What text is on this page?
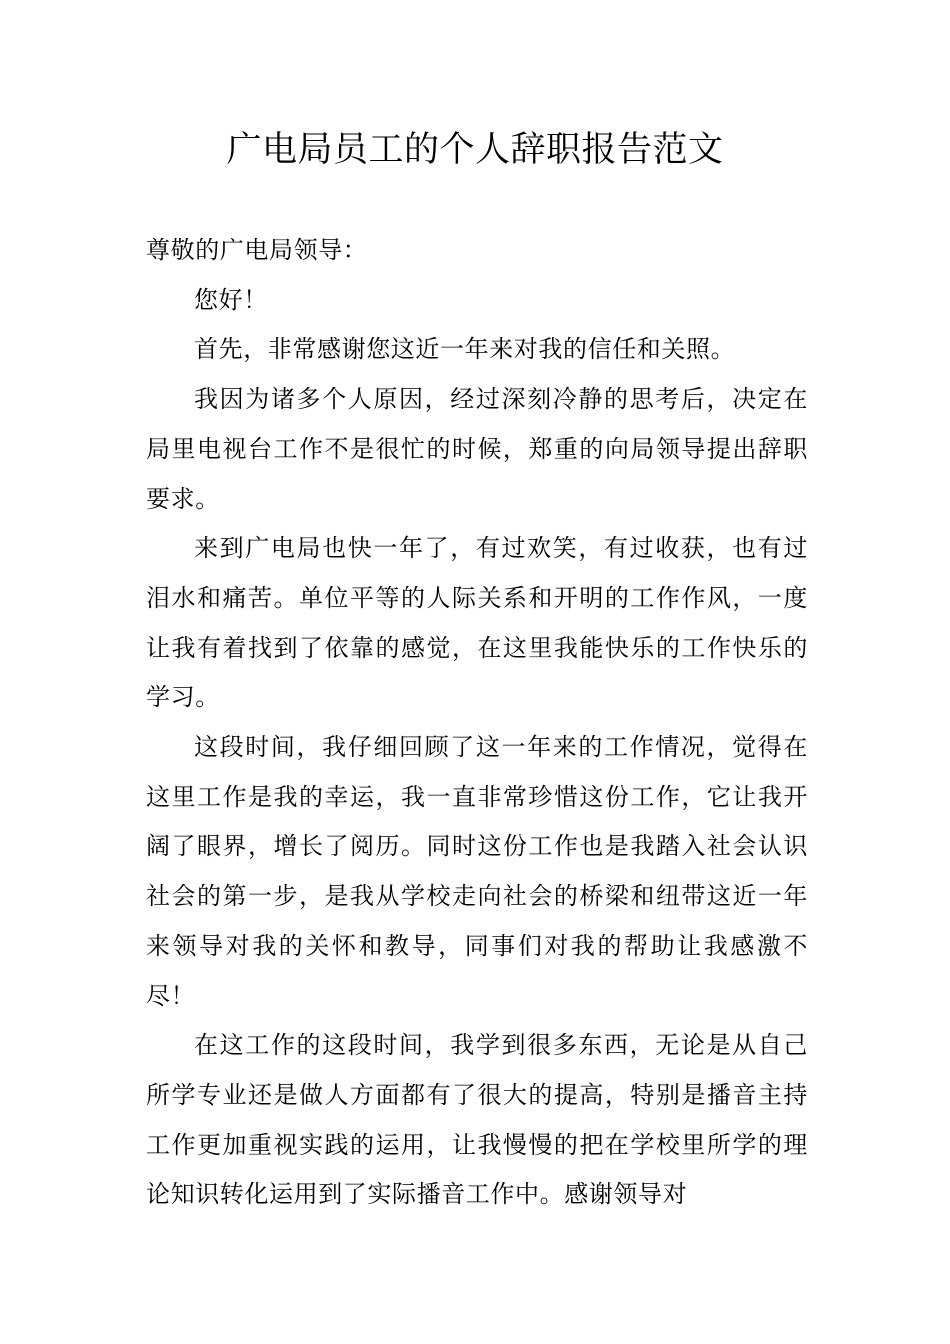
广电局员工的个人辞职报告范文

尊敬的广电局领导：

您好！

首先，非常感谢您这近一年来对我的信任和关照。

我因为诸多个人原因，经过深刻冷静的思考后，决定在局里电视台工作不是很忙的时候，郑重的向局领导提出辞职要求。

来到广电局也快一年了，有过欢笑，有过收获，也有过泪水和痛苦。单位平等的人际关系和开明的工作作风，一度让我有着找到了依靠的感觉，在这里我能快乐的工作快乐的学习。

这段时间，我仔细回顾了这一年来的工作情况，觉得在这里工作是我的幸运，我一直非常珍惜这份工作，它让我开阔了眼界，增长了阅历。同时这份工作也是我踏入社会认识社会的第一步，是我从学校走向社会的桥梁和纽带这近一年来领导对我的关怀和教导，同事们对我的帮助让我感激不尽！

在这工作的这段时间，我学到很多东西，无论是从自己所学专业还是做人方面都有了很大的提高，特别是播音主持工作更加重视实践的运用，让我慢慢的把在学校里所学的理论知识转化运用到了实际播音工作中。感谢领导对
